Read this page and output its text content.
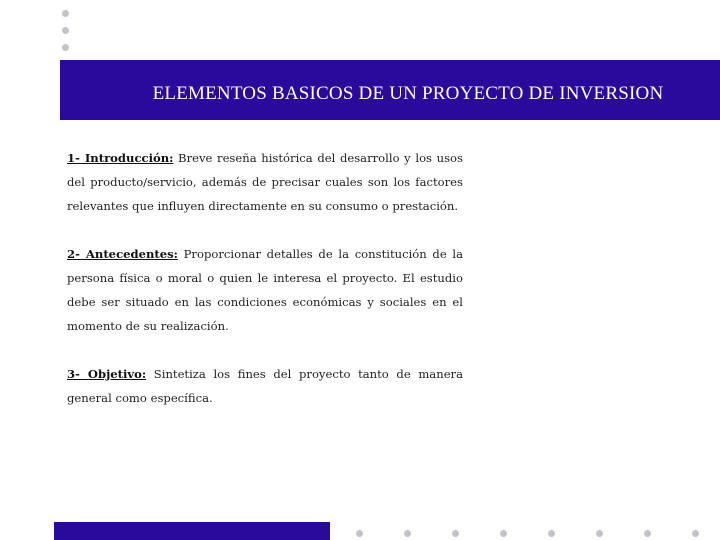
ELEMENTOS BASICOS DE UN PROYECTO DE INVERSION

1- Introducción: Breve reseña histórica del desarrollo y los usos del producto/servicio, además de precisar cuales son los factores relevantes que influyen directamente en su consumo o prestación.

2- Antecedentes: Proporcionar detalles de la constitución de la persona física o moral o quien le interesa el proyecto. El estudio debe ser situado en las condiciones económicas y sociales en el momento de su realización.

3- Objetivo: Sintetiza los fines del proyecto tanto de manera general como específica.
